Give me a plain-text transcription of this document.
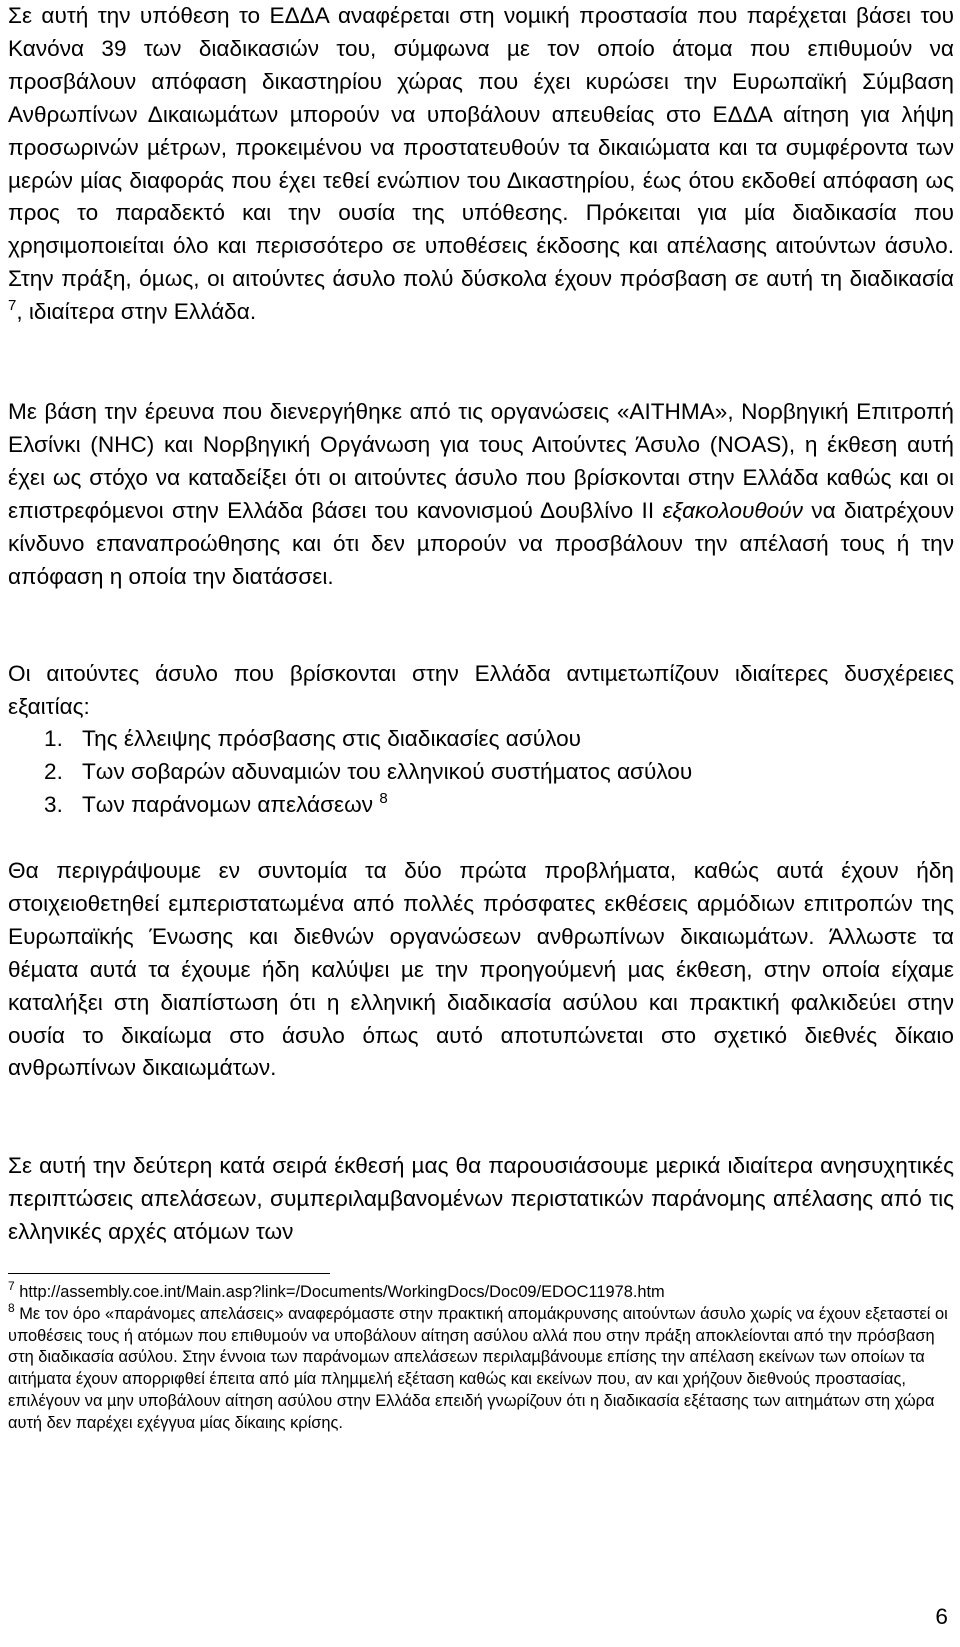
Σε αυτή την υπόθεση το ΕΔΔΑ αναφέρεται στη νοµική προστασία που παρέχεται βάσει του Κανόνα 39 των διαδικασιών του, σύµφωνα µε τον οποίο άτοµα που επιθυµούν να προσβάλουν απόφαση δικαστηρίου χώρας που έχει κυρώσει την Ευρωπαϊκή Σύµβαση Ανθρωπίνων Δικαιωµάτων µπορούν να υποβάλουν απευθείας στο ΕΔΔΑ αίτηση για λήψη προσωρινών µέτρων, προκειµένου να προστατευθούν τα δικαιώµατα και τα συµφέροντα των µερών µίας διαφοράς που έχει τεθεί ενώπιον του Δικαστηρίου, έως ότου εκδοθεί απόφαση ως προς το παραδεκτό και την ουσία της υπόθεσης. Πρόκειται για µία διαδικασία που χρησιµοποιείται όλο και περισσότερο σε υποθέσεις έκδοσης και απέλασης αιτούντων άσυλο. Στην πράξη, όµως, οι αιτούντες άσυλο πολύ δύσκολα έχουν πρόσβαση σε αυτή τη διαδικασία $^7$, ιδιαίτερα στην Ελλάδα.

Με βάση την έρευνα που διενεργήθηκε από τις οργανώσεις «ΑΙΤΗΜΑ», Νορβηγική Επιτροπή Ελσίνκι (NHC) και Νορβηγική Οργάνωση για τους Αιτούντες Άσυλο (NOAS), η έκθεση αυτή έχει ως στόχο να καταδείξει ότι οι αιτούντες άσυλο που βρίσκονται στην Ελλάδα καθώς και οι επιστρεφόµενοι στην Ελλάδα βάσει του κανονισµού Δουβλίνο ΙΙ εξακολουθούν να διατρέχουν κίνδυνο επαναπροώθησης και ότι δεν µπορούν να προσβάλουν την απέλασή τους ή την απόφαση η οποία την διατάσσει.

Οι αιτούντες άσυλο που βρίσκονται στην Ελλάδα αντιµετωπίζουν ιδιαίτερες δυσχέρειες εξαιτίας:

1. Της έλλειψης πρόσβασης στις διαδικασίες ασύλου
2. Των σοβαρών αδυναµιών του ελληνικού συστήµατος ασύλου
3. Των παράνοµων απελάσεων $^8$

Θα περιγράψουµε εν συντοµία τα δύο πρώτα προβλήµατα, καθώς αυτά έχουν ήδη στοιχειοθετηθεί εµπεριστατωµένα από πολλές πρόσφατες εκθέσεις αρµόδιων επιτροπών της Ευρωπαϊκής Ένωσης και διεθνών οργανώσεων ανθρωπίνων δικαιωµάτων. Άλλωστε τα θέµατα αυτά τα έχουµε ήδη καλύψει µε την προηγούµενή µας έκθεση, στην οποία είχαµε καταλήξει στη διαπίστωση ότι η ελληνική διαδικασία ασύλου και πρακτική φαλκιδεύει στην ουσία το δικαίωµα στο άσυλο όπως αυτό αποτυπώνεται στο σχετικό διεθνές δίκαιο ανθρωπίνων δικαιωµάτων.

Σε αυτή την δεύτερη κατά σειρά έκθεσή µας θα παρουσιάσουµε µερικά ιδιαίτερα ανησυχητικές περιπτώσεις απελάσεων, συµπεριλαµβανοµένων περιστατικών παράνοµης απέλασης από τις ελληνικές αρχές ατόµων των

$^7$ http://assembly.coe.int/Main.asp?link=/Documents/WorkingDocs/Doc09/EDOC11978.htm

$^8$ Με τον όρο «παράνοµες απελάσεις» αναφερόµαστε στην πρακτική αποµάκρυνσης αιτούντων άσυλο χωρίς να έχουν εξεταστεί οι υποθέσεις τους ή ατόµων που επιθυµούν να υποβάλουν αίτηση ασύλου αλλά που στην πράξη αποκλείονται από την πρόσβαση στη διαδικασία ασύλου. Στην έννοια των παράνοµων απελάσεων περιλαµβάνουµε επίσης την απέλαση εκείνων των οποίων τα αιτήµατα έχουν απορριφθεί έπειτα από µία πληµµελή εξέταση καθώς και εκείνων που, αν και χρήζουν διεθνούς προστασίας, επιλέγουν να µην υποβάλουν αίτηση ασύλου στην Ελλάδα επειδή γνωρίζουν ότι η διαδικασία εξέτασης των αιτηµάτων στη χώρα αυτή δεν παρέχει εχέγγυα µίας δίκαιης κρίσης.

6
